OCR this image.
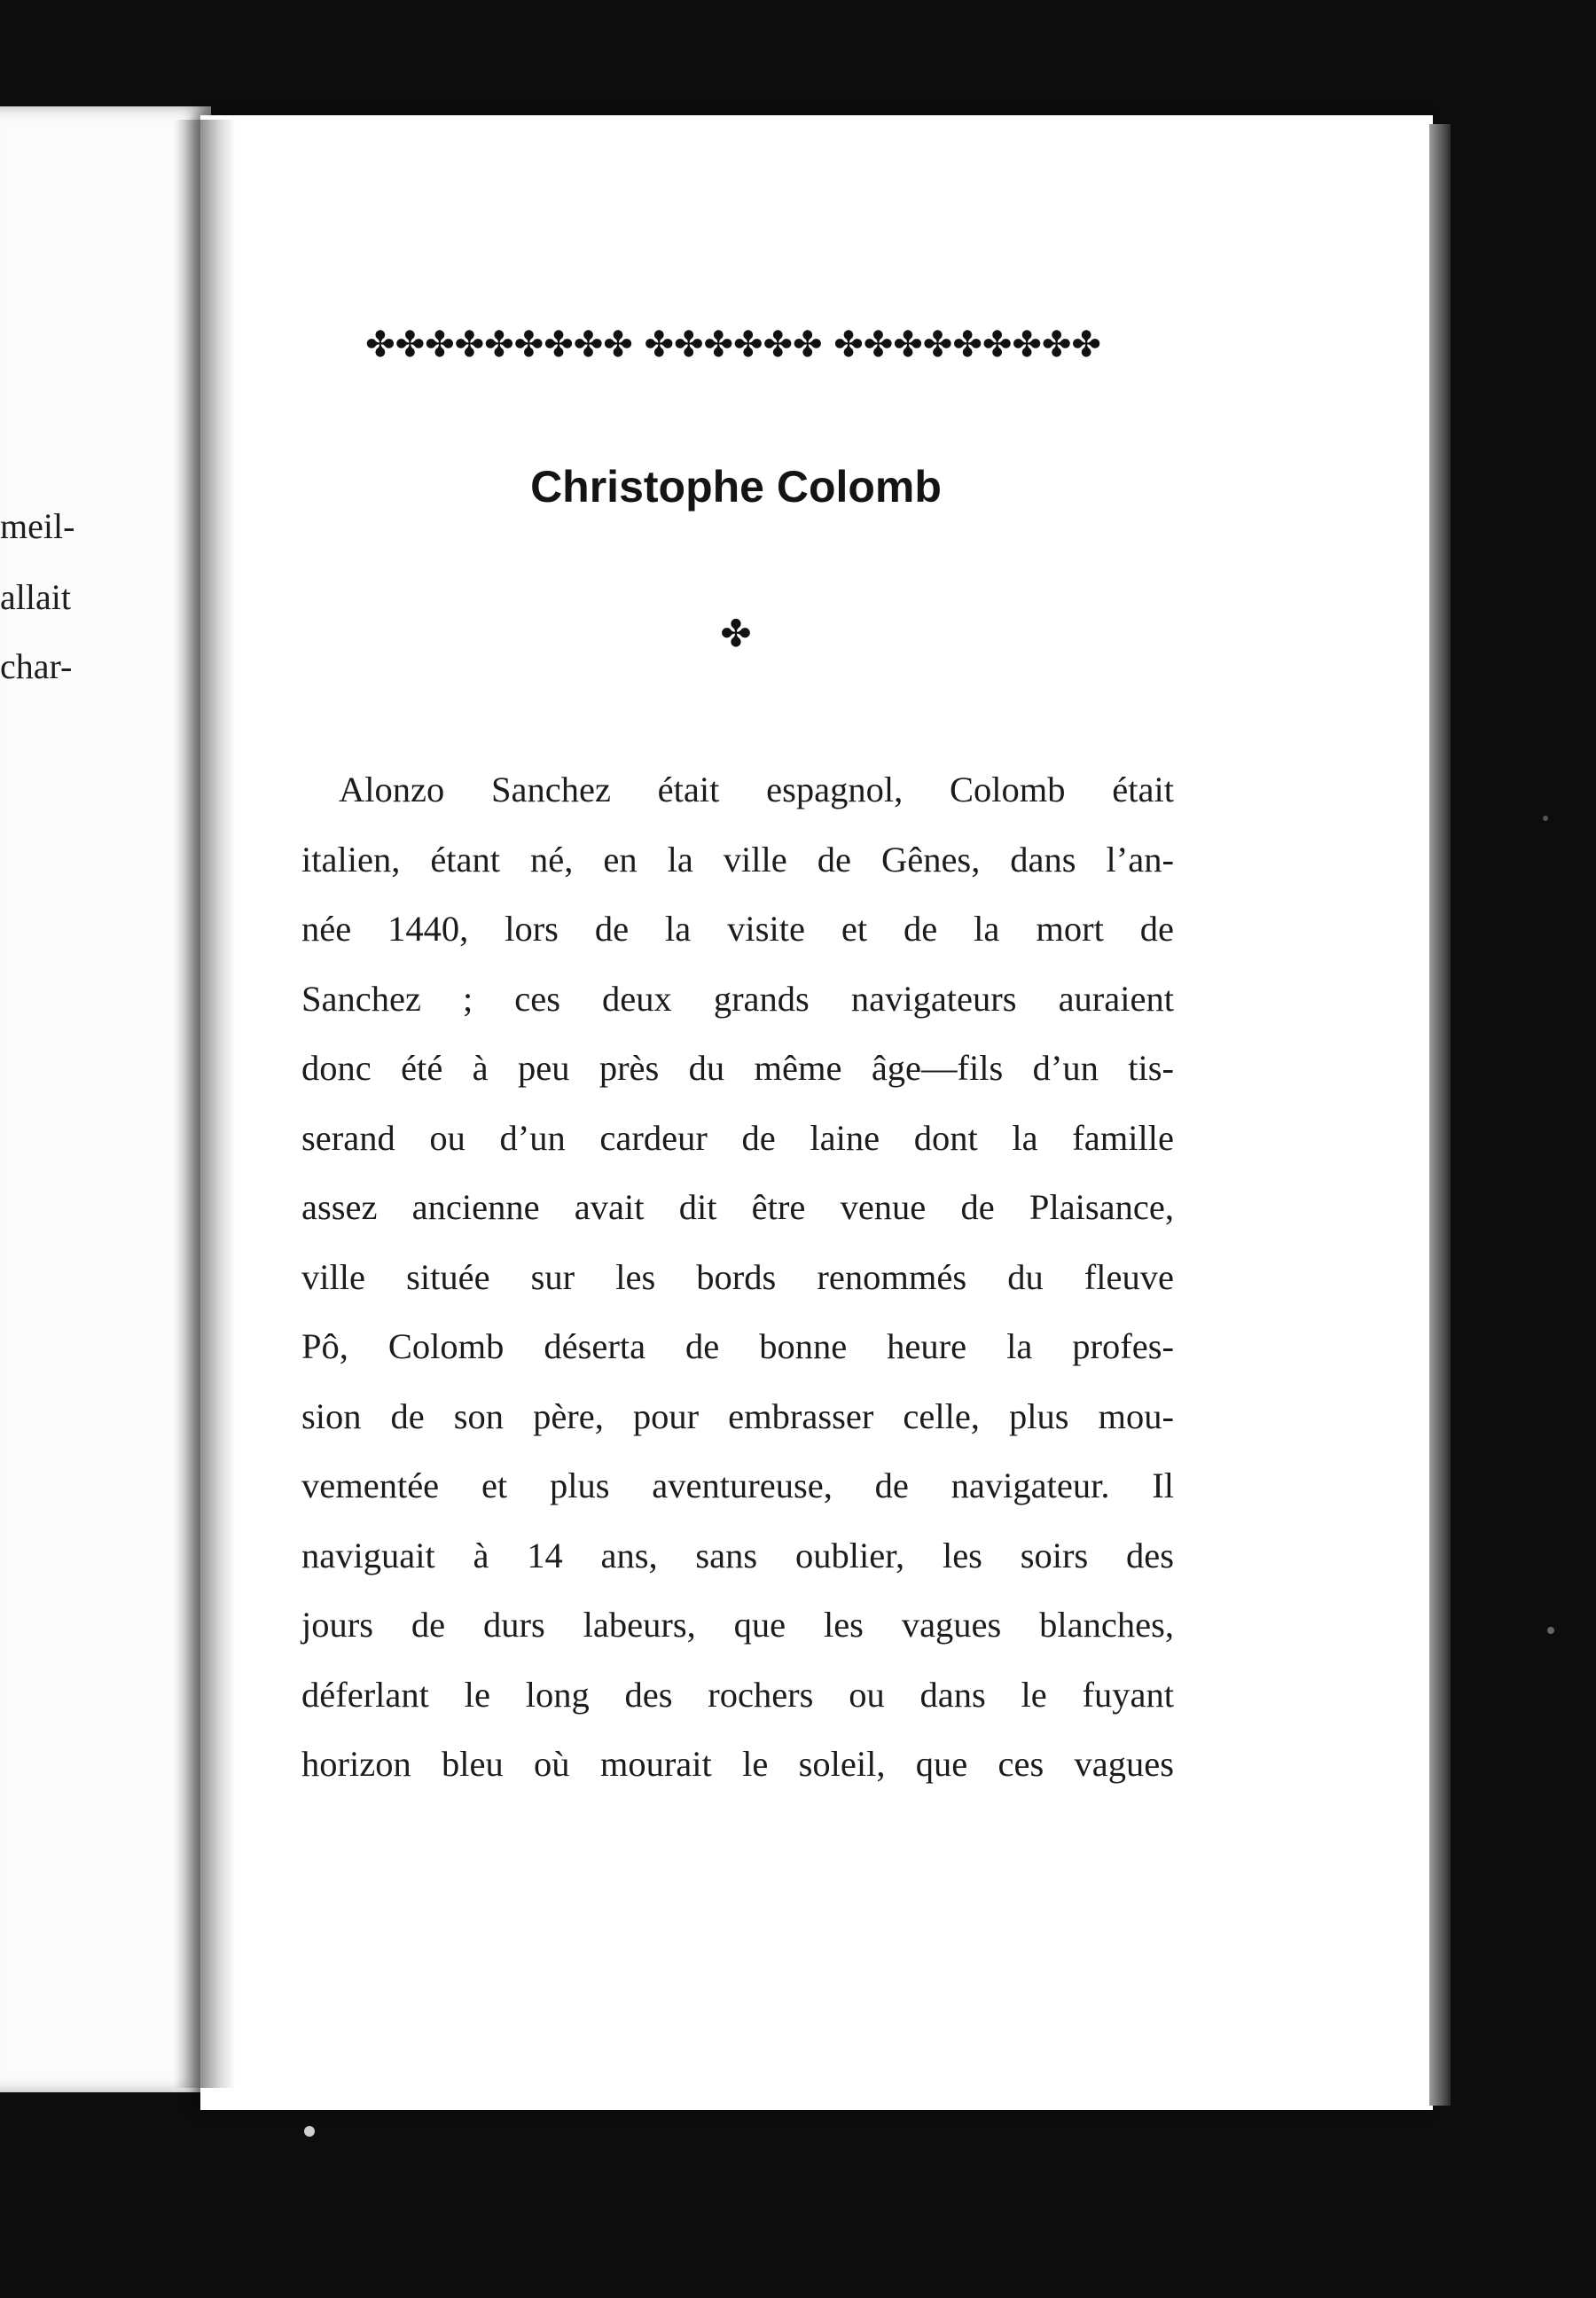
meil-
allait
char-
✤✤✤✤✤✤✤✤✤ ✤✤✤✤✤✤ ✤✤✤✤✤✤✤✤✤
Christophe Colomb
✤
Alonzo Sanchez était espagnol, Colomb était
italien, étant né, en la ville de Gênes, dans l’an-
née 1440, lors de la visite et de la mort de
Sanchez ; ces deux grands navigateurs auraient
donc été à peu près du même âge—fils d’un tis-
serand ou d’un cardeur de laine dont la famille
assez ancienne avait dit être venue de Plaisance,
ville située sur les bords renommés du fleuve
Pô, Colomb déserta de bonne heure la profes-
sion de son père, pour embrasser celle, plus mou-
vementée et plus aventureuse, de navigateur. Il
naviguait à 14 ans, sans oublier, les soirs des
jours de durs labeurs, que les vagues blanches,
déferlant le long des rochers ou dans le fuyant
horizon bleu où mourait le soleil, que ces vagues
